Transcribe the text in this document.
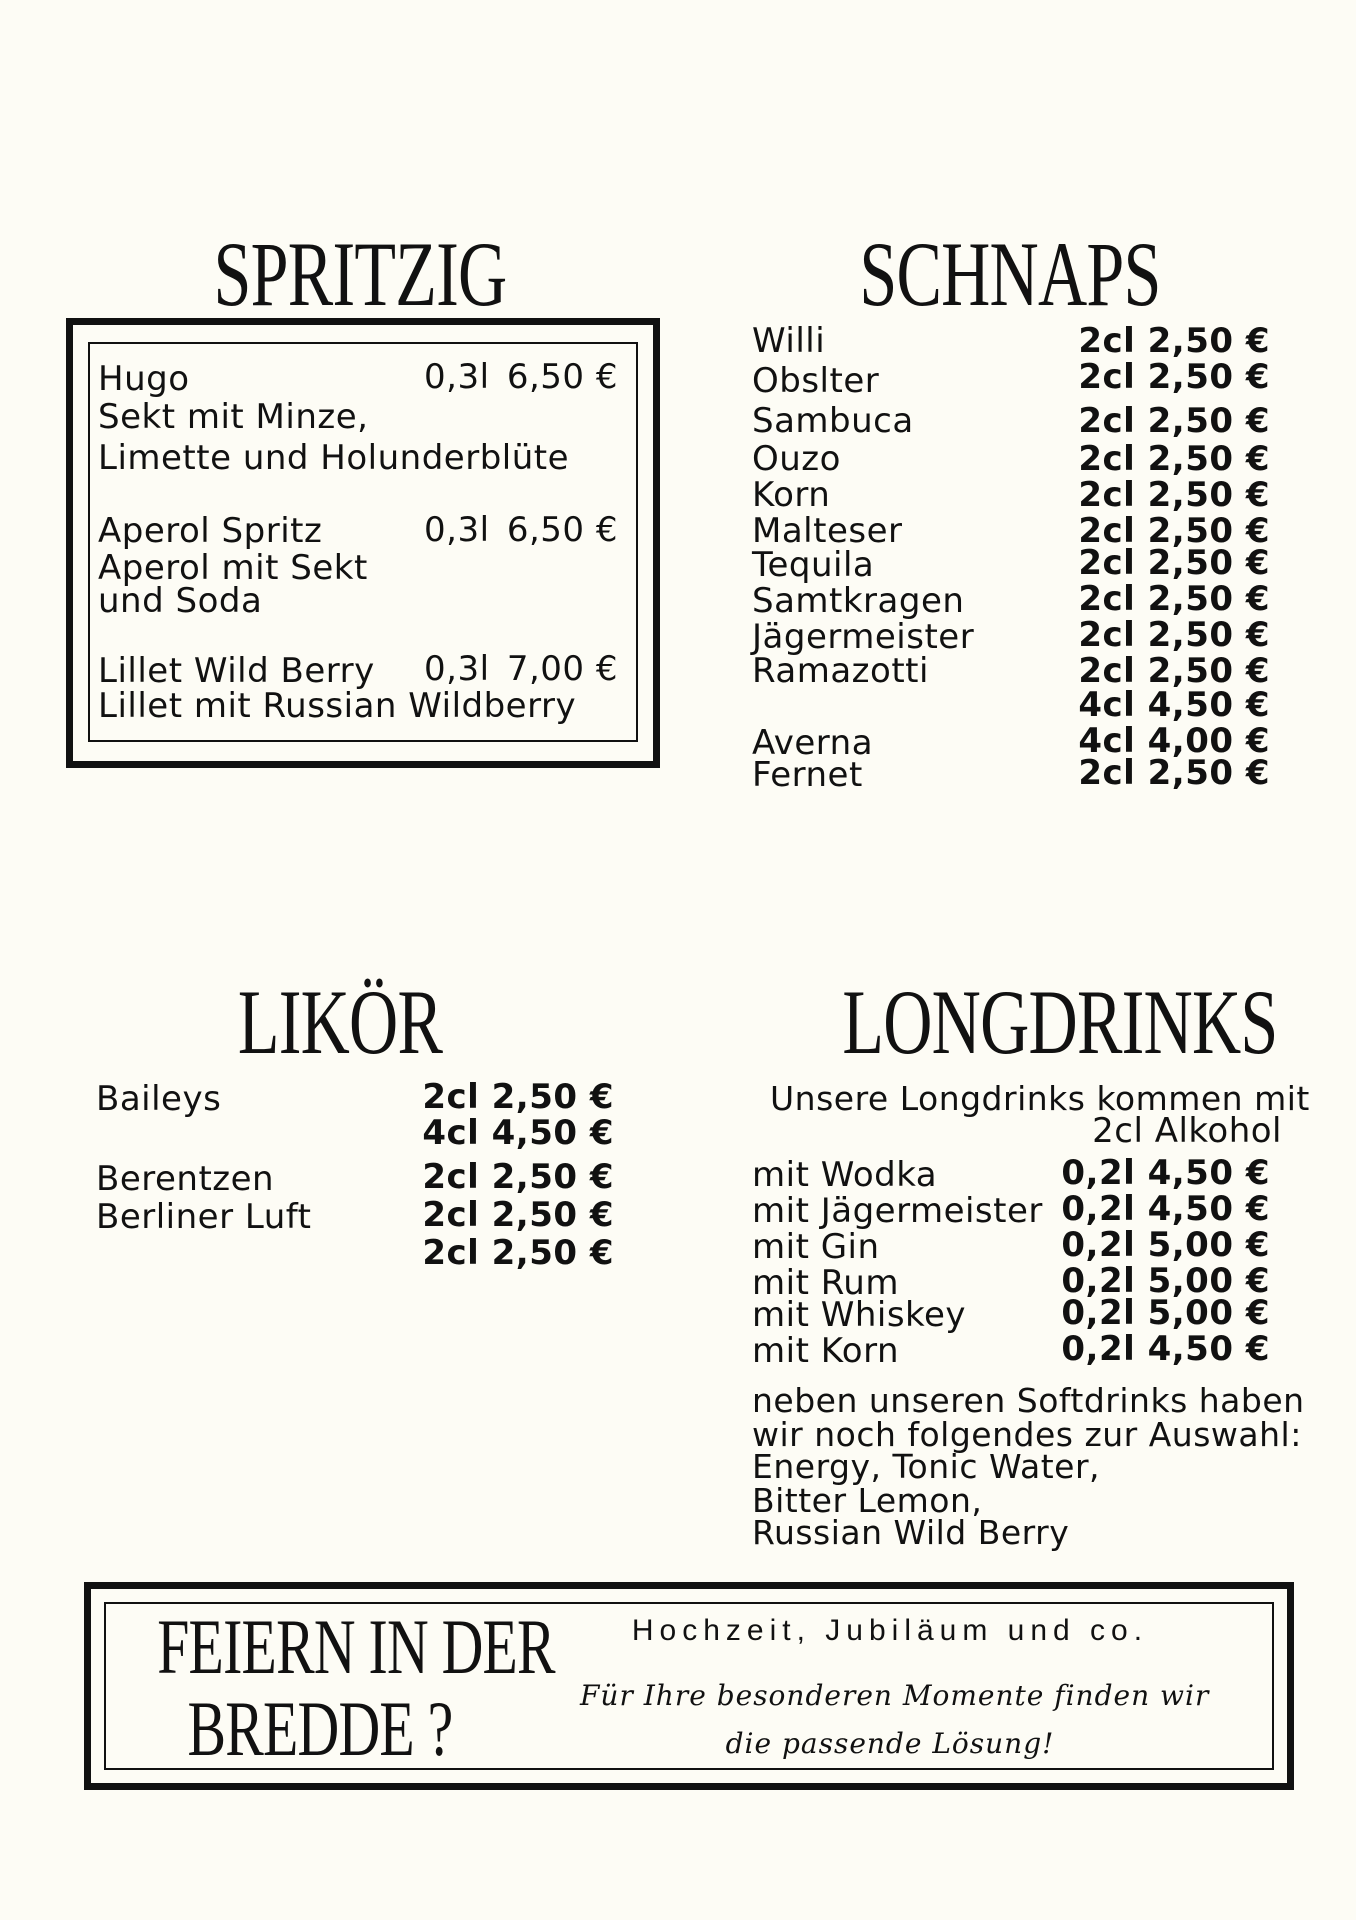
SPRITZIG
Hugo	0,3l 6,50 €
Sekt mit Minze,
Limette und Holunderblüte
Aperol Spritz	0,3l 6,50 €
Aperol mit Sekt
und Soda
Lillet Wild Berry 0,3l 7,00 €
Lillet mit Russian Wildberry
SCHNAPS
Willi	2cl 2,50 €
Obslter	2cl 2,50 €
Sambuca	2cl 2,50 €
Ouzo	2cl 2,50 €
Korn	2cl 2,50 €
Malteser	2cl 2,50 €
Tequila	2cl 2,50 €
Samtkragen	2cl 2,50 €
Jägermeister	2cl 2,50 €
Ramazotti	2cl 2,50 €
4cl 4,50 €
Averna	4cl 4,00 €
Fernet	2cl 2,50 €
LIKÖR
Baileys	2cl 2,50 €
4cl 4,50 €
Berentzen	2cl 2,50 €
Berliner Luft	2cl 2,50 €
2cl 2,50 €
LONGDRINKS
Unsere Longdrinks kommen mit
2cl Alkohol
mit Wodka	0,2l 4,50 €
mit Jägermeister 0,2l 4,50 €
mit Gin	0,2l 5,00 €
mit Rum	0,2l 5,00 €
mit Whiskey	0,2l 5,00 €
mit Korn	0,2l 4,50 €
neben unseren Softdrinks haben
wir noch folgendes zur Auswahl:
Energy, Tonic Water,
Bitter Lemon,
Russian Wild Berry
FEIERN IN DER
BREDDE ?
Hochzeit, Jubiläum und co.
Für Ihre besonderen Momente finden wir
die passende Lösung!
